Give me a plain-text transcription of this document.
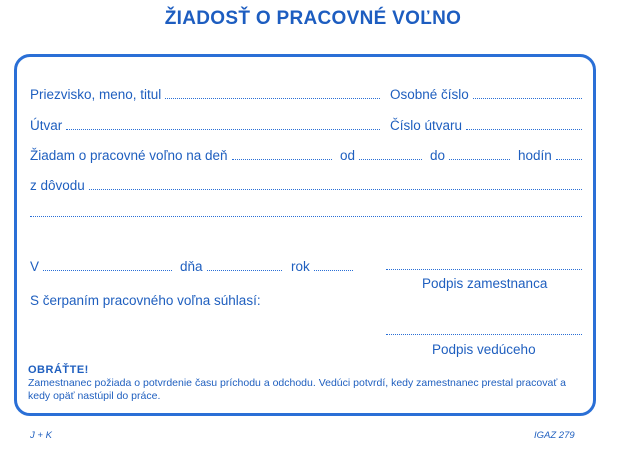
ŽIADOSŤ O PRACOVNÉ VOĽNO
Priezvisko, meno, titul	Osobné číslo
Útvar	Číslo útvaru
Žiadam o pracovné voľno na deň	od	do	hodín
z dôvodu
V	dňa	rok
Podpis zamestnanca
S čerpaním pracovného voľna súhlasí:
Podpis vedúceho
OBRÁŤTE!
Zamestnanec požiada o potvrdenie času príchodu a odchodu. Vedúci potvrdí, kedy zamestnanec prestal pracovať a kedy opäť nastúpil do práce.
J + K	IGAZ 279
